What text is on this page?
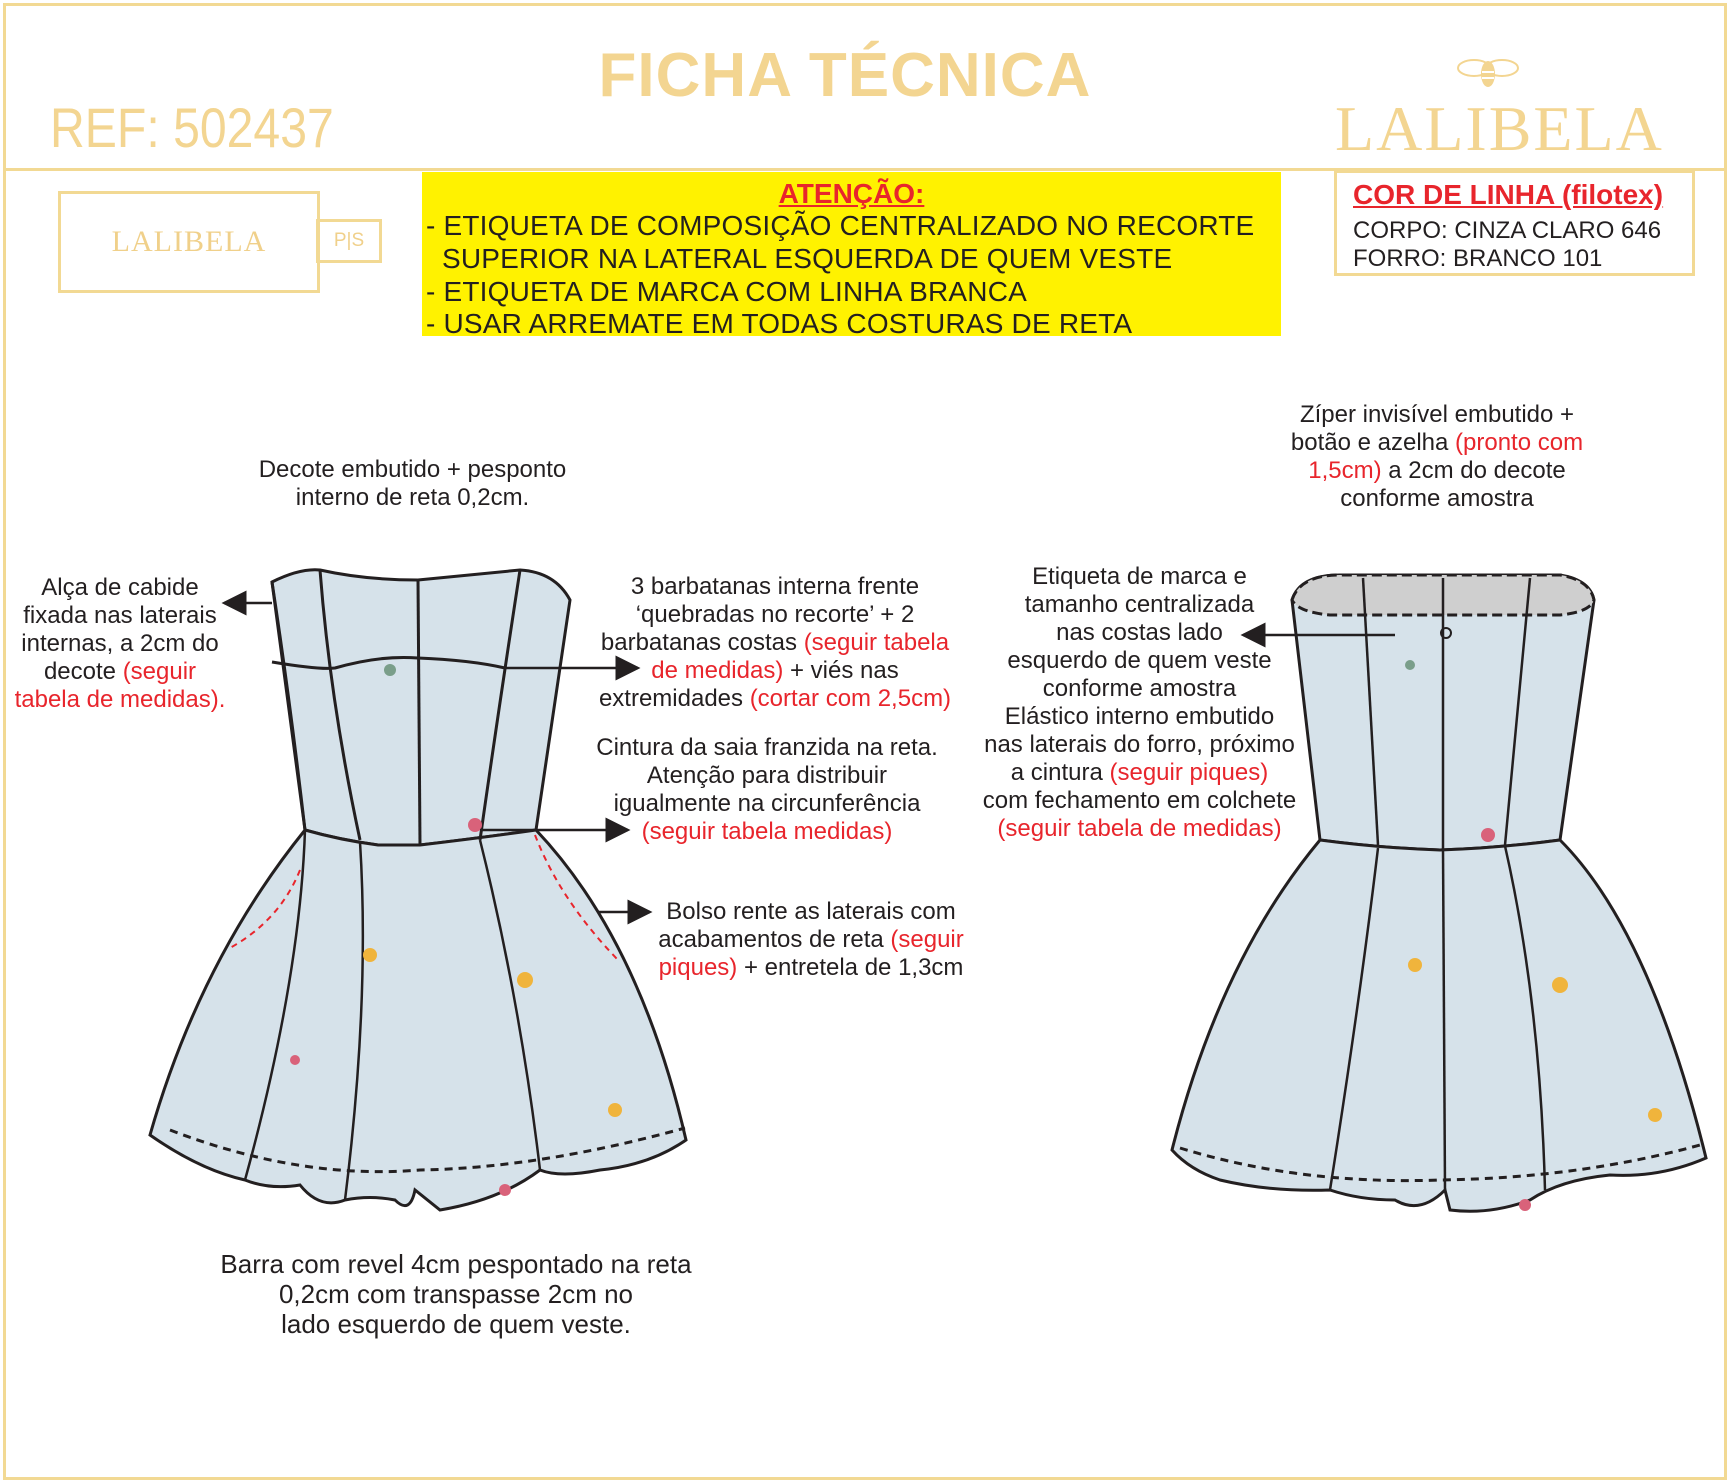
FICHA TÉCNICA
REF: 502437	LALIBELA
LALIBELA	P|S
ATENÇÃO:
- ETIQUETA DE COMPOSIÇÃO CENTRALIZADO NO RECORTE
SUPERIOR NA LATERAL ESQUERDA DE QUEM VESTE
- ETIQUETA DE MARCA COM LINHA BRANCA
- USAR ARREMATE EM TODAS COSTURAS DE RETA
COR DE LINHA (filotex)
CORPO: CINZA CLARO 646
FORRO: BRANCO 101
Decote embutido + pesponto
interno de reta 0,2cm.
Alça de cabide
fixada nas laterais
internas, a 2cm do
decote (seguir
tabela de medidas).
3 barbatanas interna frente
‘quebradas no recorte’ + 2
barbatanas costas (seguir tabela
de medidas) + viés nas
extremidades (cortar com 2,5cm)
Cintura da saia franzida na reta.
Atenção para distribuir
igualmente na circunferência
(seguir tabela medidas)
Bolso rente as laterais com
acabamentos de reta (seguir
piques) + entretela de 1,3cm
Barra com revel 4cm pespontado na reta
0,2cm com transpasse 2cm no
lado esquerdo de quem veste.
Zíper invisível embutido +
botão e azelha (pronto com
1,5cm) a 2cm do decote
conforme amostra
Etiqueta de marca e
tamanho centralizada
nas costas lado
esquerdo de quem veste
conforme amostra
Elástico interno embutido
nas laterais do forro, próximo
a cintura (seguir piques)
com fechamento em colchete
(seguir tabela de medidas)
